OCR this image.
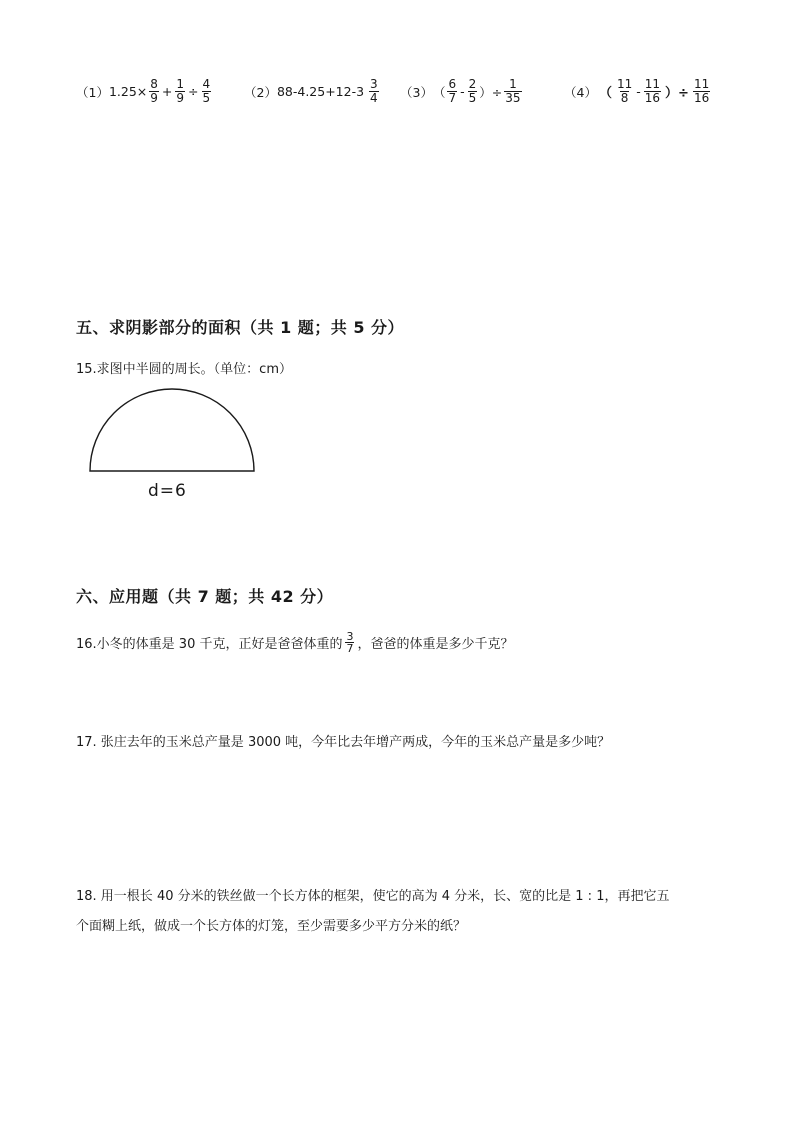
（1） $1.25\times \frac{8}{9} + \frac{1}{9} \div \frac{4}{5}$	（2） $88-4.25+12-3 \frac{3}{4} (3)$ （ $\frac{6}{7} - \frac{2}{5}$ ）÷ $\frac{1}{35}$	（4） （ $\frac{11}{8} - \frac{11}{16}$ ）÷ $\frac{11}{16}$
五、求阴影部分的面积（共 1 题；共 5 分）
15.求图中半圆的周长。（单位：cm）
d=6
六、应用题（共 7 题；共 42 分）
16.小冬的体重是 30 千克，正好是爸爸体重的 $\frac{3}{7}$ ，爸爸的体重是多少千克？
17. 张庄去年的玉米总产量是 3000 吨，今年比去年增产两成，今年的玉米总产量是多少吨？
18. 用一根长 40 分米的铁丝做一个长方体的框架，使它的高为 4 分米，长、宽的比是 1 : 1，再把它五
个面糊上纸，做成一个长方体的灯笼，至少需要多少平方分米的纸？
